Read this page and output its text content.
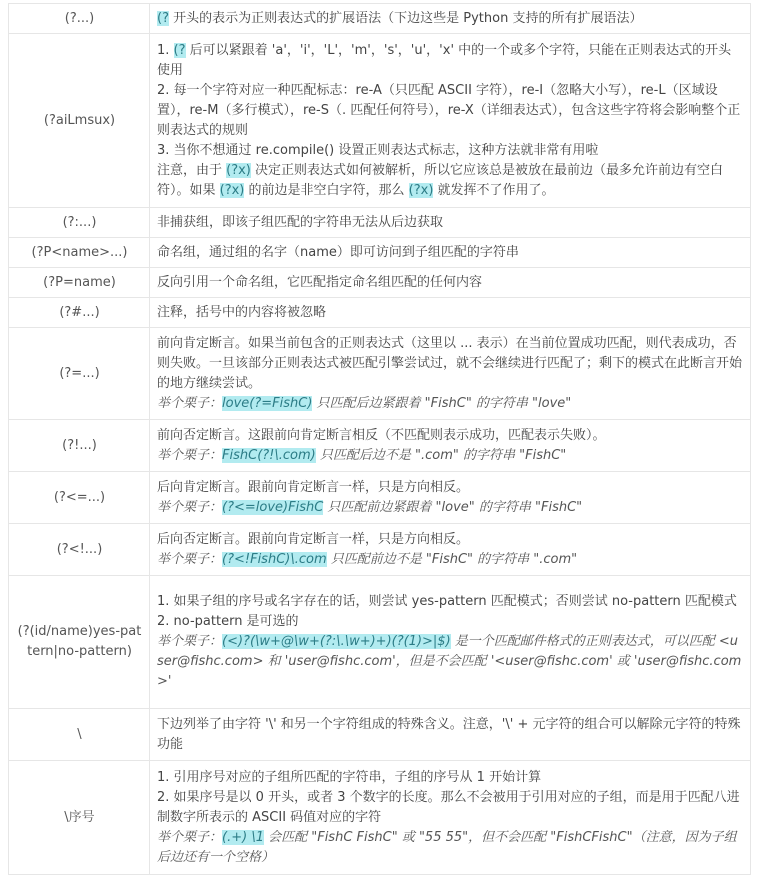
(?...)	(? 开头的表示为正则表达式的扩展语法（下边这些是 Python 支持的所有扩展语法）

(?aiLmsux)	1. (? 后可以紧跟着 'a'，'i'，'L'，'m'，'s'，'u'，'x' 中的一个或多个字符，只能在正则表达式的开头使用
2. 每一个字符对应一种匹配标志：re-A（只匹配 ASCII 字符），re-I（忽略大小写），re-L（区域设置），re-M（多行模式），re-S（. 匹配任何符号），re-X（详细表达式），包含这些字符将会影响整个正则表达式的规则
3. 当你不想通过 re.compile() 设置正则表达式标志，这种方法就非常有用啦
注意，由于 (?x) 决定正则表达式如何被解析，所以它应该总是被放在最前边（最多允许前边有空白符）。如果 (?x) 的前边是非空白字符，那么 (?x) 就发挥不了作用了。

(?:...)	非捕获组，即该子组匹配的字符串无法从后边获取

(?P<name>...)	命名组，通过组的名字（name）即可访问到子组匹配的字符串

(?P=name)	反向引用一个命名组，它匹配指定命名组匹配的任何内容

(?#...)	注释，括号中的内容将被忽略

(?=...)	前向肯定断言。如果当前包含的正则表达式（这里以 ... 表示）在当前位置成功匹配，则代表成功，否则失败。一旦该部分正则表达式被匹配引擎尝试过，就不会继续进行匹配了；剩下的模式在此断言开始的地方继续尝试。
举个栗子：love(?=FishC) 只匹配后边紧跟着 "FishC" 的字符串 "love"

(?!...)	前向否定断言。这跟前向肯定断言相反（不匹配则表示成功，匹配表示失败）。
举个栗子：FishC(?!\.com) 只匹配后边不是 ".com" 的字符串 "FishC"

(?<=...)	后向肯定断言。跟前向肯定断言一样，只是方向相反。
举个栗子：(?<=love)FishC 只匹配前边紧跟着 "love" 的字符串 "FishC"

(?<!...)	后向否定断言。跟前向肯定断言一样，只是方向相反。
举个栗子：(?<!FishC)\.com 只匹配前边不是 "FishC" 的字符串 ".com"

(?(id/name)yes-pattern|no-pattern)	1. 如果子组的序号或名字存在的话，则尝试 yes-pattern 匹配模式；否则尝试 no-pattern 匹配模式
2. no-pattern 是可选的
举个栗子：(<)?(\w+@\w+(?:\.\w+)+)(?(1)>|$) 是一个匹配邮件格式的正则表达式，可以匹配 <user@fishc.com> 和 'user@fishc.com'，但是不会匹配 '<user@fishc.com' 或 'user@fishc.com>'

\	下边列举了由字符 '\' 和另一个字符组成的特殊含义。注意，'\' + 元字符的组合可以解除元字符的特殊功能

\序号	1. 引用序号对应的子组所匹配的字符串，子组的序号从 1 开始计算
2. 如果序号是以 0 开头，或者 3 个数字的长度。那么不会被用于引用对应的子组，而是用于匹配八进制数字所表示的 ASCII 码值对应的字符
举个栗子：(.+) \1 会匹配 "FishC FishC" 或 "55 55"，但不会匹配 "FishCFishC"（注意，因为子组后边还有一个空格）
